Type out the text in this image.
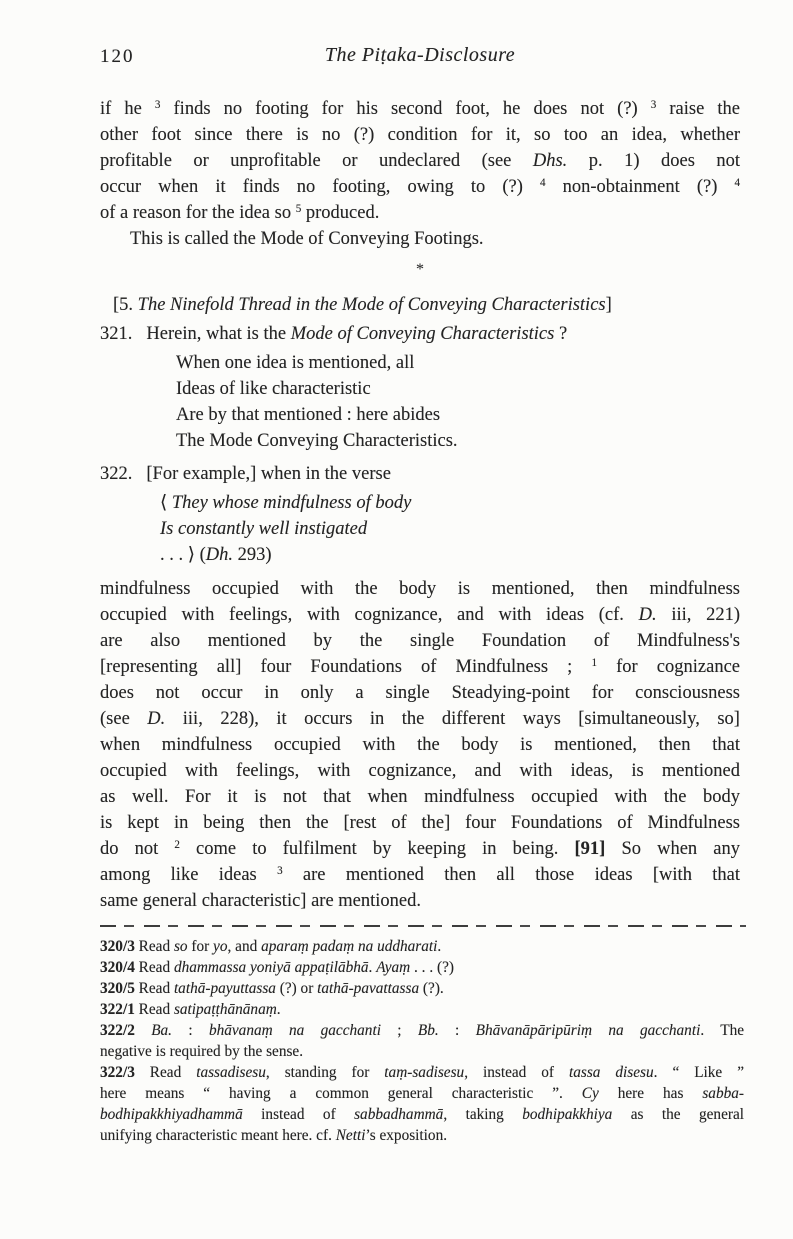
120	The Piṭaka-Disclosure
if he $^3$ finds no footing for his second foot, he does not (?) $^3$ raise the
other foot since there is no (?) condition for it, so too an idea, whether
profitable or unprofitable or undeclared (see Dhs. p. 1) does not
occur when it finds no footing, owing to (?) $^4$ non-obtainment (?) $^4$
of a reason for the idea so $^5$ produced.
This is called the Mode of Conveying Footings.
*
[5. The Ninefold Thread in the Mode of Conveying Characteristics]
321. Herein, what is the Mode of Conveying Characteristics ?
When one idea is mentioned, all
Ideas of like characteristic
Are by that mentioned : here abides
The Mode Conveying Characteristics.
322. [For example,] when in the verse
⟨ They whose mindfulness of body
Is constantly well instigated
. . . ⟩ (Dh. 293)
mindfulness occupied with the body is mentioned, then mindfulness
occupied with feelings, with cognizance, and with ideas (cf. D. iii, 221)
are also mentioned by the single Foundation of Mindfulness's
[representing all] four Foundations of Mindfulness ; $^1$ for cognizance
does not occur in only a single Steadying-point for consciousness
(see D. iii, 228), it occurs in the different ways [simultaneously, so]
when mindfulness occupied with the body is mentioned, then that
occupied with feelings, with cognizance, and with ideas, is mentioned
as well. For it is not that when mindfulness occupied with the body
is kept in being then the [rest of the] four Foundations of Mindfulness
do not $^2$ come to fulfilment by keeping in being. [91] So when any
among like ideas $^3$ are mentioned then all those ideas [with that
same general characteristic] are mentioned.
320/3 Read so for yo, and aparaṃ padaṃ na uddharati.
320/4 Read dhammassa yoniyā appaṭilābhā. Ayaṃ . . . (?)
320/5 Read tathā-payuttassa (?) or tathā-pavattassa (?).
322/1 Read satipaṭṭhānānaṃ.
322/2 Ba. : bhāvanaṃ na gacchanti ; Bb. : Bhāvanāpāripūriṃ na gacchanti. The
negative is required by the sense.
322/3 Read tassadisesu, standing for taṃ-sadisesu, instead of tassa disesu. “ Like ”
here means “ having a common general characteristic ”. Cy here has sabba-
bodhipakkhiyadhammā instead of sabbadhammā, taking bodhipakkhiya as the general
unifying characteristic meant here. cf. Netti’s exposition.
